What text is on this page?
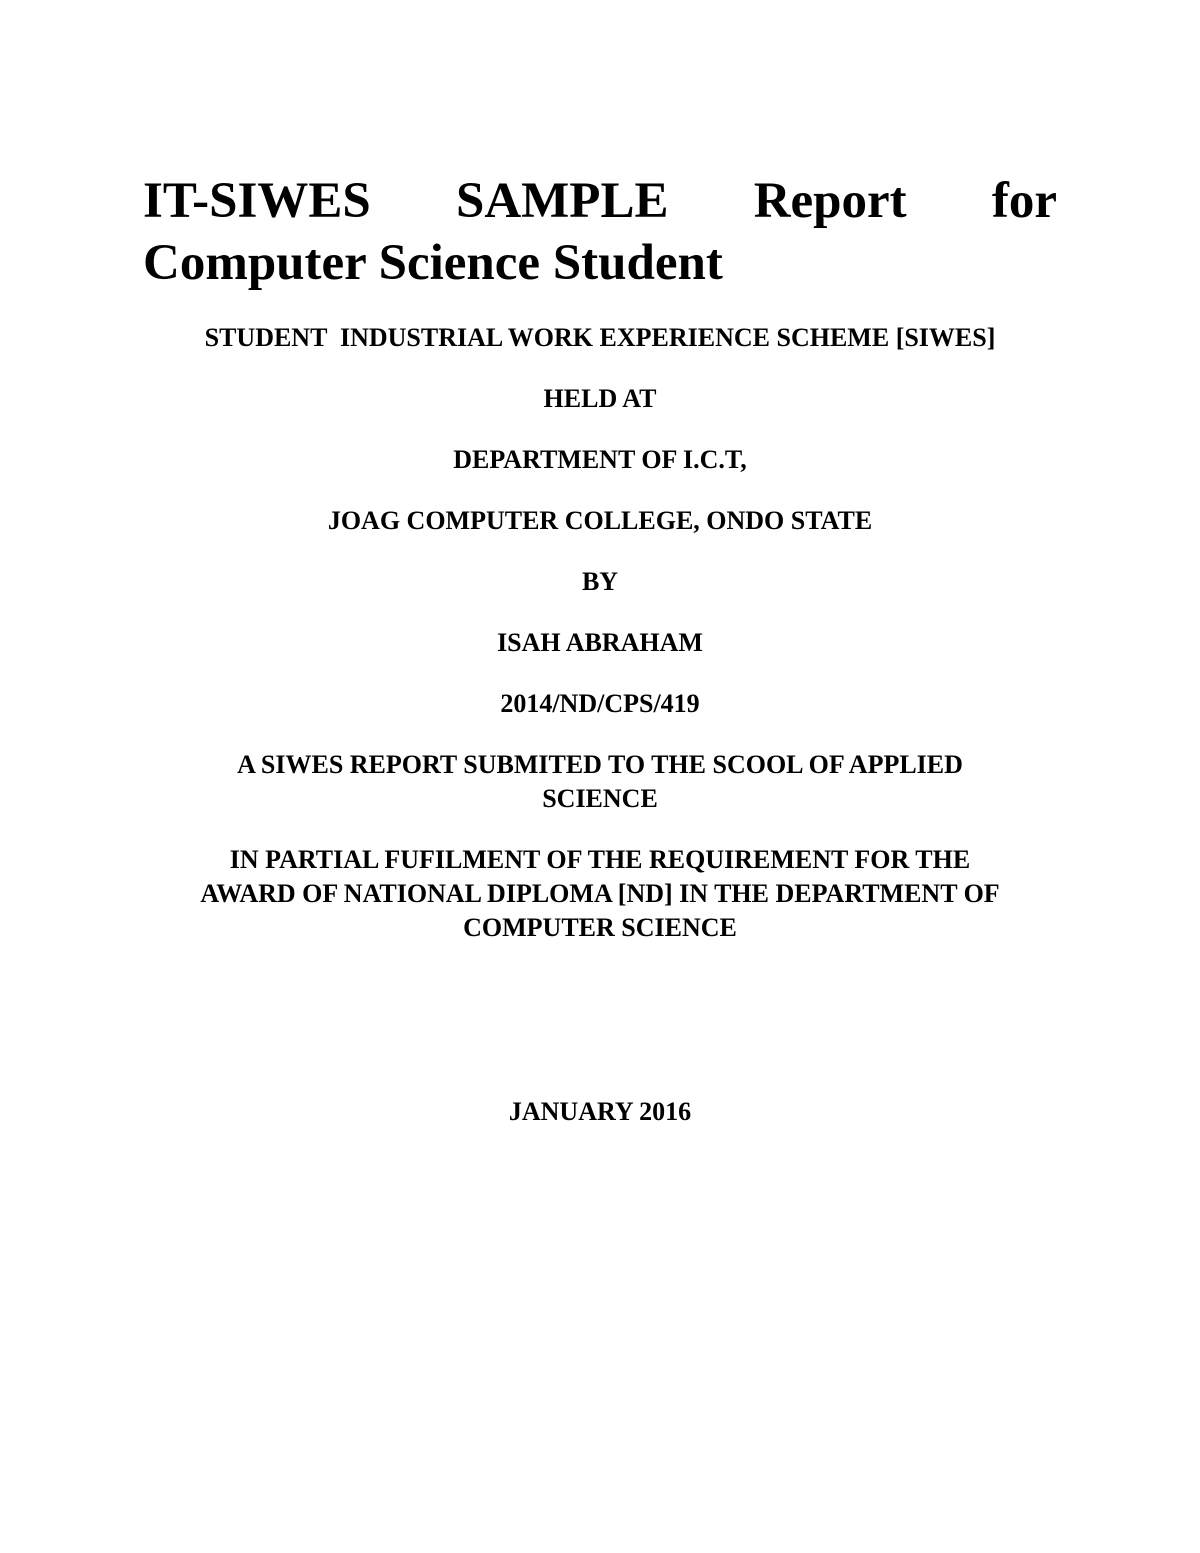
IT-SIWES SAMPLE Report for
Computer Science Student

STUDENT  INDUSTRIAL WORK EXPERIENCE SCHEME [SIWES]

HELD AT

DEPARTMENT OF I.C.T,

JOAG COMPUTER COLLEGE, ONDO STATE

BY

ISAH ABRAHAM

2014/ND/CPS/419

A SIWES REPORT SUBMITED TO THE SCOOL OF APPLIED

SCIENCE

IN PARTIAL FUFILMENT OF THE REQUIREMENT FOR THE

AWARD OF NATIONAL DIPLOMA [ND] IN THE DEPARTMENT OF

COMPUTER SCIENCE

JANUARY 2016
